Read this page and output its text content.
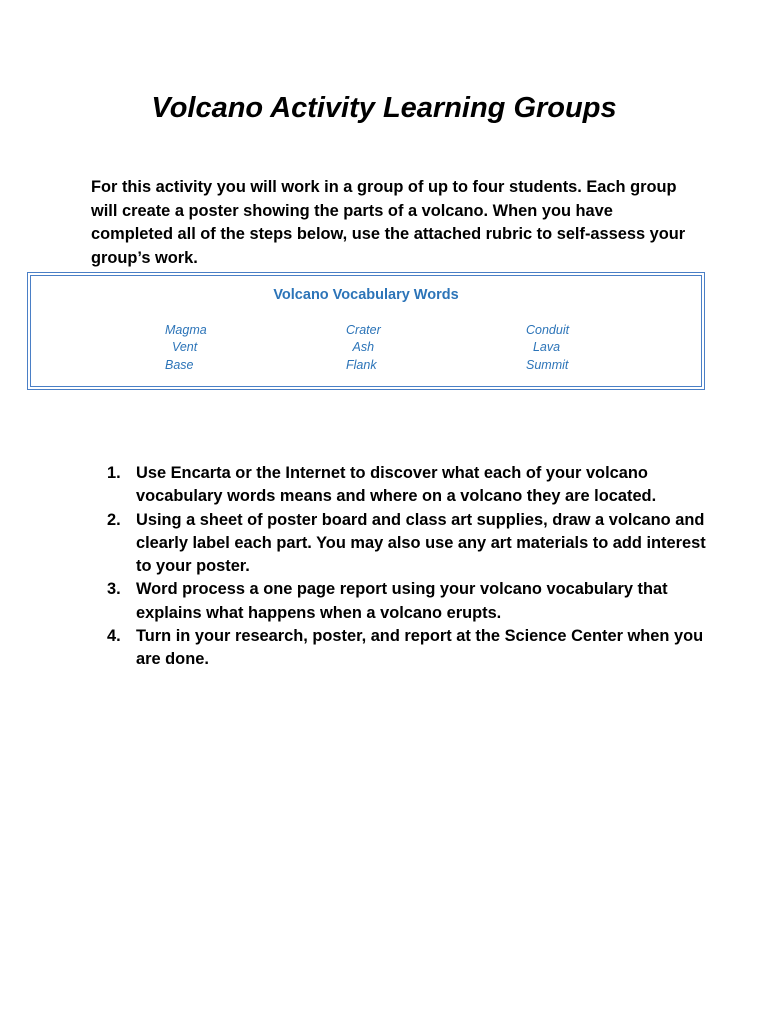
Volcano Activity Learning Groups

For this activity you will work in a group of up to four students. Each group will create a poster showing the parts of a volcano. When you have completed all of the steps below, use the attached rubric to self-assess your group’s work.

Volcano Vocabulary Words
Magma
Vent
Base
Crater
Ash
Flank
Conduit
Lava
Summit
1. Use Encarta or the Internet to discover what each of your volcano vocabulary words means and where on a volcano they are located.
2. Using a sheet of poster board and class art supplies, draw a volcano and clearly label each part. You may also use any art materials to add interest to your poster.
3. Word process a one page report using your volcano vocabulary that explains what happens when a volcano erupts.
4. Turn in your research, poster, and report at the Science Center when you are done.
